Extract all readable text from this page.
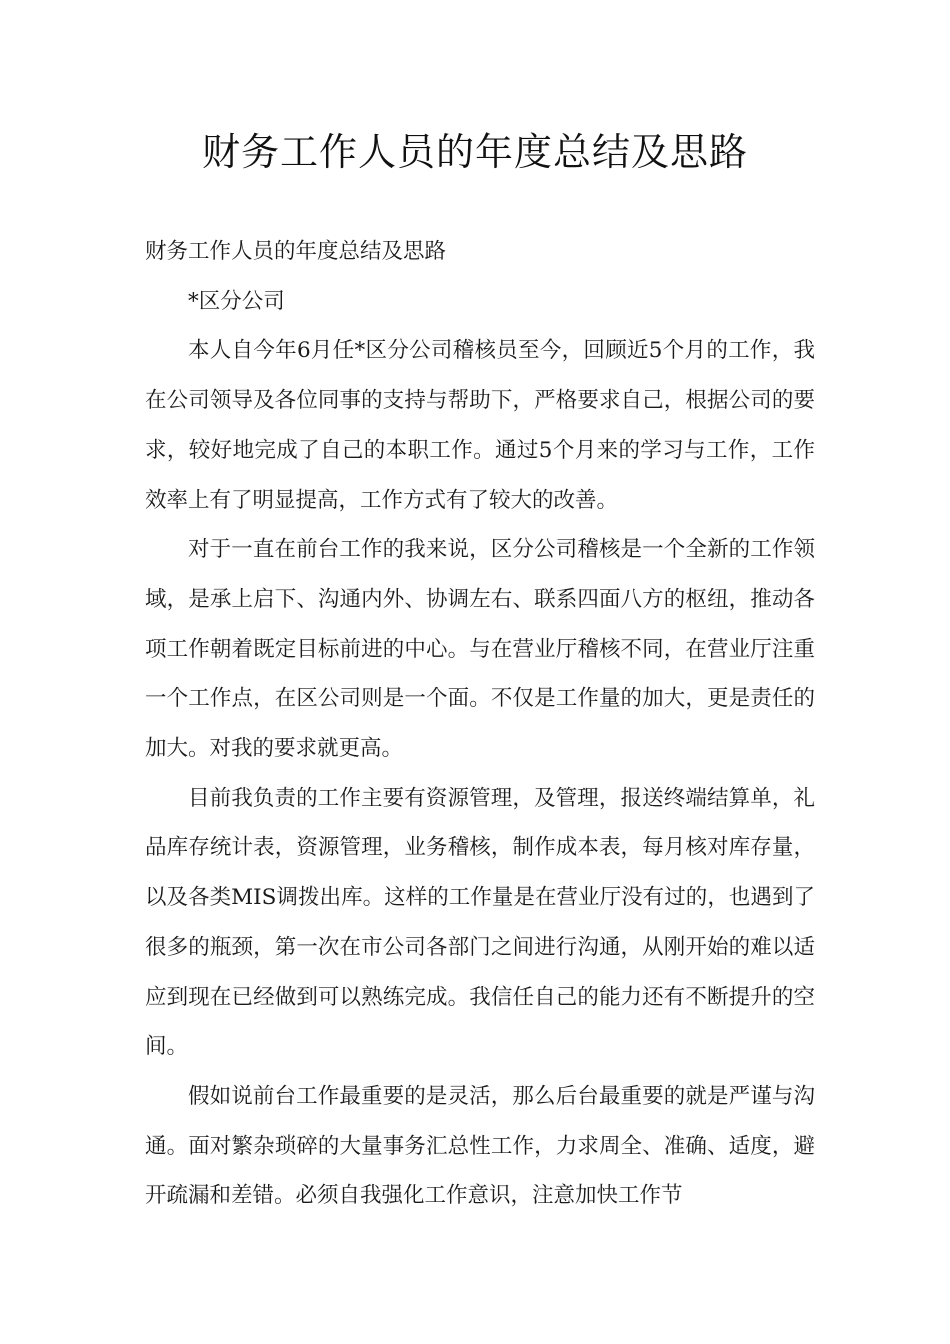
财务工作人员的年度总结及思路

财务工作人员的年度总结及思路

*区分公司

本人自今年6月任*区分公司稽核员至今，回顾近5个月的工作，我在公司领导及各位同事的支持与帮助下，严格要求自己，根据公司的要求，较好地完成了自己的本职工作。通过5个月来的学习与工作，工作效率上有了明显提高，工作方式有了较大的改善。

对于一直在前台工作的我来说，区分公司稽核是一个全新的工作领域，是承上启下、沟通内外、协调左右、联系四面八方的枢纽，推动各项工作朝着既定目标前进的中心。与在营业厅稽核不同，在营业厅注重一个工作点，在区公司则是一个面。不仅是工作量的加大，更是责任的加大。对我的要求就更高。

目前我负责的工作主要有资源管理，及管理，报送终端结算单，礼品库存统计表，资源管理，业务稽核，制作成本表，每月核对库存量，以及各类MIS调拨出库。这样的工作量是在营业厅没有过的，也遇到了很多的瓶颈，第一次在市公司各部门之间进行沟通，从刚开始的难以适应到现在已经做到可以熟练完成。我信任自己的能力还有不断提升的空间。

假如说前台工作最重要的是灵活，那么后台最重要的就是严谨与沟通。面对繁杂琐碎的大量事务汇总性工作，力求周全、准确、适度，避开疏漏和差错。必须自我强化工作意识，注意加快工作节
